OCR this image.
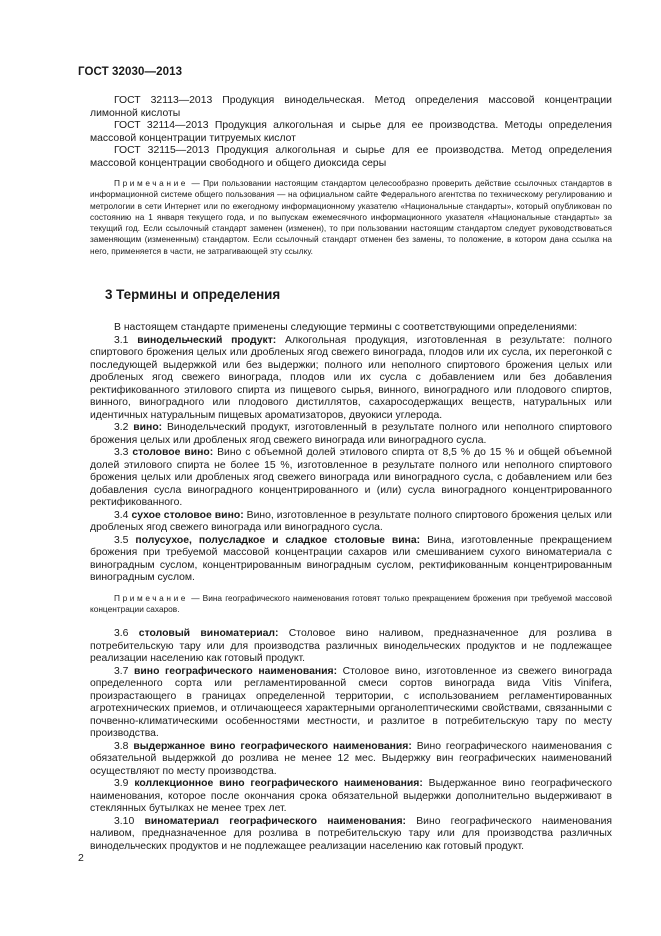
ГОСТ 32030—2013

ГОСТ 32113—2013 Продукция винодельческая. Метод определения массовой концентрации лимонной кислоты

ГОСТ 32114—2013 Продукция алкогольная и сырье для ее производства. Методы определения массовой концентрации титруемых кислот

ГОСТ 32115—2013 Продукция алкогольная и сырье для ее производства. Метод определения массовой концентрации свободного и общего диоксида серы

Примечание — При пользовании настоящим стандартом целесообразно проверить действие ссылочных стандартов в информационной системе общего пользования — на официальном сайте Федерального агентства по техническому регулированию и метрологии в сети Интернет или по ежегодному информационному указателю «Национальные стандарты», который опубликован по состоянию на 1 января текущего года, и по выпускам ежемесячного информационного указателя «Национальные стандарты» за текущий год. Если ссылочный стандарт заменен (изменен), то при пользовании настоящим стандартом следует руководствоваться заменяющим (измененным) стандартом. Если ссылочный стандарт отменен без замены, то положение, в котором дана ссылка на него, применяется в части, не затрагивающей эту ссылку.

3 Термины и определения

В настоящем стандарте применены следующие термины с соответствующими определениями:

3.1 винодельческий продукт: Алкогольная продукция, изготовленная в результате: полного спиртового брожения целых или дробленых ягод свежего винограда, плодов или их сусла, их перегонкой с последующей выдержкой или без выдержки; полного или неполного спиртового брожения целых или дробленых ягод свежего винограда, плодов или их сусла с добавлением или без добавления ректификованного этилового спирта из пищевого сырья, винного, виноградного или плодового спиртов, винного, виноградного или плодового дистиллятов, сахаросодержащих веществ, натуральных или идентичных натуральным пищевых ароматизаторов, двуокиси углерода.

3.2 вино: Винодельческий продукт, изготовленный в результате полного или неполного спиртового брожения целых или дробленых ягод свежего винограда или виноградного сусла.

3.3 столовое вино: Вино с объемной долей этилового спирта от 8,5 % до 15 % и общей объемной долей этилового спирта не более 15 %, изготовленное в результате полного или неполного спиртового брожения целых или дробленых ягод свежего винограда или виноградного сусла, с добавлением или без добавления сусла виноградного концентрированного и (или) сусла виноградного концентрированного ректификованного.

3.4 сухое столовое вино: Вино, изготовленное в результате полного спиртового брожения целых или дробленых ягод свежего винограда или виноградного сусла.

3.5 полусухое, полусладкое и сладкое столовые вина: Вина, изготовленные прекращением брожения при требуемой массовой концентрации сахаров или смешиванием сухого виноматериала с виноградным суслом, концентрированным виноградным суслом, ректификованным концентрированным виноградным суслом.

Примечание — Вина географического наименования готовят только прекращением брожения при требуемой массовой концентрации сахаров.

3.6 столовый виноматериал: Столовое вино наливом, предназначенное для розлива в потребительскую тару или для производства различных винодельческих продуктов и не подлежащее реализации населению как готовый продукт.

3.7 вино географического наименования: Столовое вино, изготовленное из свежего винограда определенного сорта или регламентированной смеси сортов винограда вида Vitis Vinifera, произрастающего в границах определенной территории, с использованием регламентированных агротехнических приемов, и отличающееся характерными органолептическими свойствами, связанными с почвенно-климатическими особенностями местности, и разлитое в потребительскую тару по месту производства.

3.8 выдержанное вино географического наименования: Вино географического наименования с обязательной выдержкой до розлива не менее 12 мес. Выдержку вин географических наименований осуществляют по месту производства.

3.9 коллекционное вино географического наименования: Выдержанное вино географического наименования, которое после окончания срока обязательной выдержки дополнительно выдерживают в стеклянных бутылках не менее трех лет.

3.10 виноматериал географического наименования: Вино географического наименования наливом, предназначенное для розлива в потребительскую тару или для производства различных винодельческих продуктов и не подлежащее реализации населению как готовый продукт.

2
